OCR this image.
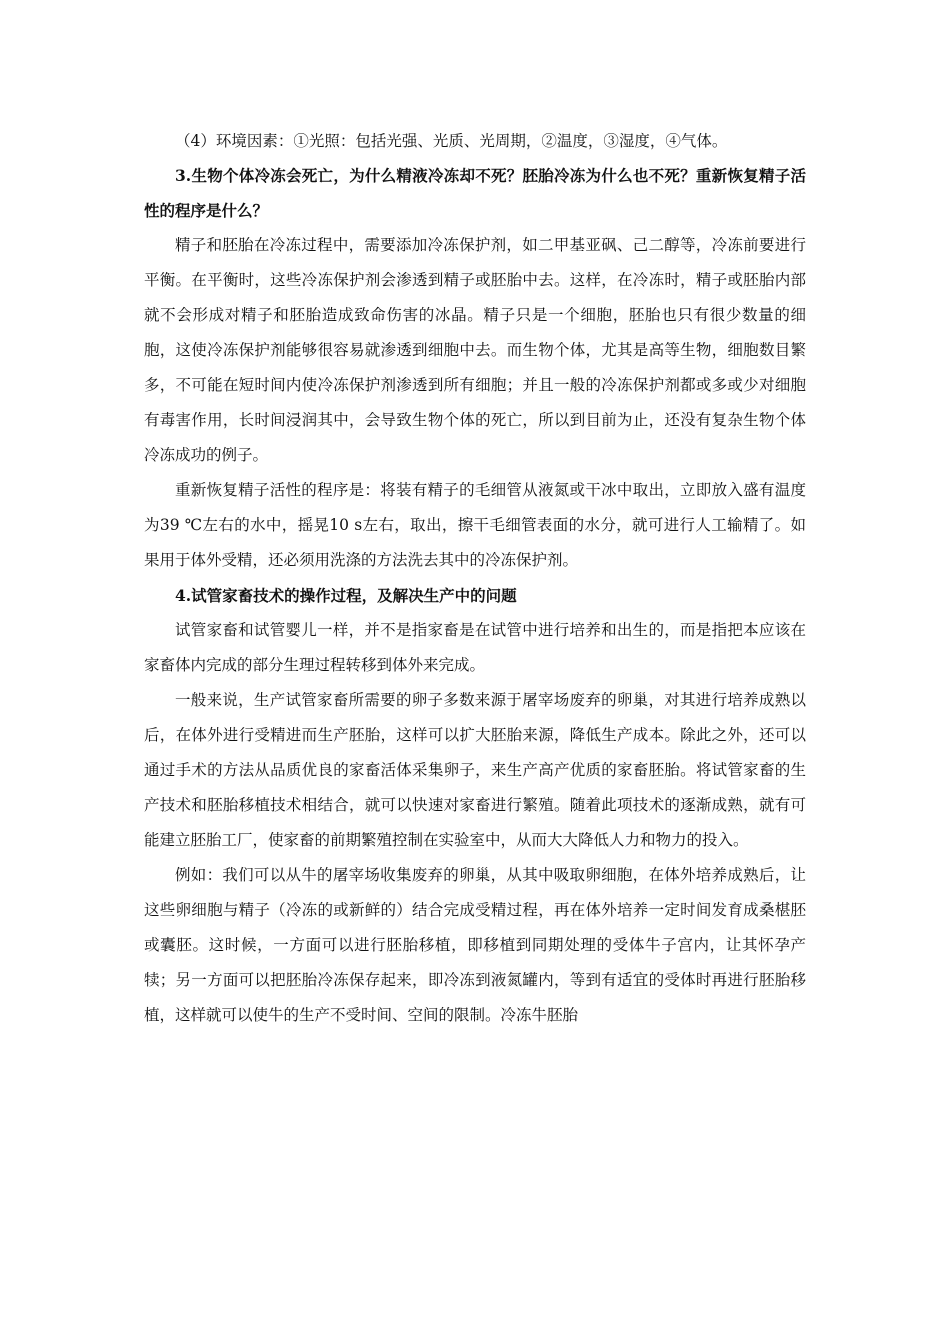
（4）环境因素：①光照：包括光强、光质、光周期，②温度，③湿度，④气体。

3.生物个体冷冻会死亡，为什么精液冷冻却不死？胚胎冷冻为什么也不死？重新恢复精子活性的程序是什么？

精子和胚胎在冷冻过程中，需要添加冷冻保护剂，如二甲基亚砜、己二醇等，冷冻前要进行平衡。在平衡时，这些冷冻保护剂会渗透到精子或胚胎中去。这样，在冷冻时，精子或胚胎内部就不会形成对精子和胚胎造成致命伤害的冰晶。精子只是一个细胞，胚胎也只有很少数量的细胞，这使冷冻保护剂能够很容易就渗透到细胞中去。而生物个体，尤其是高等生物，细胞数目繁多，不可能在短时间内使冷冻保护剂渗透到所有细胞；并且一般的冷冻保护剂都或多或少对细胞有毒害作用，长时间浸润其中，会导致生物个体的死亡，所以到目前为止，还没有复杂生物个体冷冻成功的例子。

重新恢复精子活性的程序是：将装有精子的毛细管从液氮或干冰中取出，立即放入盛有温度为39 ℃左右的水中，摇晃10 s左右，取出，擦干毛细管表面的水分，就可进行人工输精了。如果用于体外受精，还必须用洗涤的方法洗去其中的冷冻保护剂。

4.试管家畜技术的操作过程，及解决生产中的问题

试管家畜和试管婴儿一样，并不是指家畜是在试管中进行培养和出生的，而是指把本应该在家畜体内完成的部分生理过程转移到体外来完成。

一般来说，生产试管家畜所需要的卵子多数来源于屠宰场废弃的卵巢，对其进行培养成熟以后，在体外进行受精进而生产胚胎，这样可以扩大胚胎来源，降低生产成本。除此之外，还可以通过手术的方法从品质优良的家畜活体采集卵子，来生产高产优质的家畜胚胎。将试管家畜的生产技术和胚胎移植技术相结合，就可以快速对家畜进行繁殖。随着此项技术的逐渐成熟，就有可能建立胚胎工厂，使家畜的前期繁殖控制在实验室中，从而大大降低人力和物力的投入。

例如：我们可以从牛的屠宰场收集废弃的卵巢，从其中吸取卵细胞，在体外培养成熟后，让这些卵细胞与精子（冷冻的或新鲜的）结合完成受精过程，再在体外培养一定时间发育成桑椹胚或囊胚。这时候，一方面可以进行胚胎移植，即移植到同期处理的受体牛子宫内，让其怀孕产犊；另一方面可以把胚胎冷冻保存起来，即冷冻到液氮罐内，等到有适宜的受体时再进行胚胎移植，这样就可以使牛的生产不受时间、空间的限制。冷冻牛胚胎
